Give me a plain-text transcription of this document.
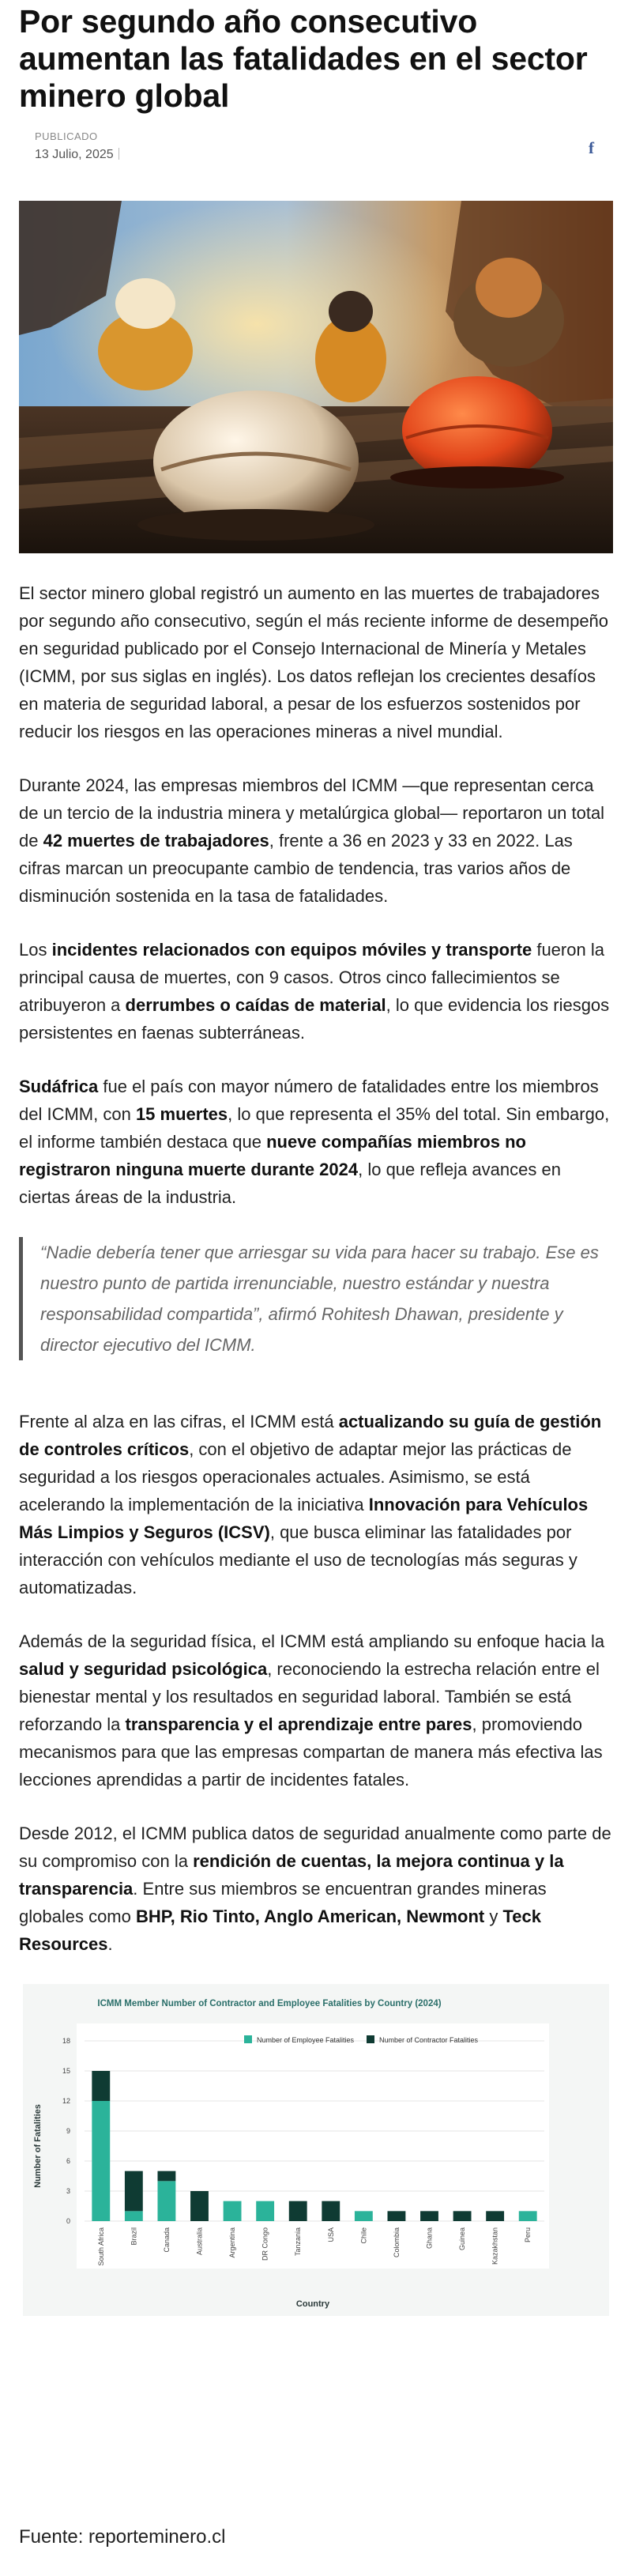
Por segundo año consecutivo aumentan las fatalidades en el sector minero global
PUBLICADO
13 Julio, 2025	f

El sector minero global registró un aumento en las muertes de trabajadores por segundo año consecutivo, según el más reciente informe de desempeño en seguridad publicado por el Consejo Internacional de Minería y Metales (ICMM, por sus siglas en inglés). Los datos reflejan los crecientes desafíos en materia de seguridad laboral, a pesar de los esfuerzos sostenidos por reducir los riesgos en las operaciones mineras a nivel mundial.

Durante 2024, las empresas miembros del ICMM —que representan cerca de un tercio de la industria minera y metalúrgica global— reportaron un total de 42 muertes de trabajadores, frente a 36 en 2023 y 33 en 2022. Las cifras marcan un preocupante cambio de tendencia, tras varios años de disminución sostenida en la tasa de fatalidades.

Los incidentes relacionados con equipos móviles y transporte fueron la principal causa de muertes, con 9 casos. Otros cinco fallecimientos se atribuyeron a derrumbes o caídas de material, lo que evidencia los riesgos persistentes en faenas subterráneas.

Sudáfrica fue el país con mayor número de fatalidades entre los miembros del ICMM, con 15 muertes, lo que representa el 35% del total. Sin embargo, el informe también destaca que nueve compañías miembros no registraron ninguna muerte durante 2024, lo que refleja avances en ciertas áreas de la industria.

“Nadie debería tener que arriesgar su vida para hacer su trabajo. Ese es nuestro punto de partida irrenunciable, nuestro estándar y nuestra responsabilidad compartida”, afirmó Rohitesh Dhawan, presidente y director ejecutivo del ICMM.

Frente al alza en las cifras, el ICMM está actualizando su guía de gestión de controles críticos, con el objetivo de adaptar mejor las prácticas de seguridad a los riesgos operacionales actuales. Asimismo, se está acelerando la implementación de la iniciativa Innovación para Vehículos Más Limpios y Seguros (ICSV), que busca eliminar las fatalidades por interacción con vehículos mediante el uso de tecnologías más seguras y automatizadas.

Además de la seguridad física, el ICMM está ampliando su enfoque hacia la salud y seguridad psicológica, reconociendo la estrecha relación entre el bienestar mental y los resultados en seguridad laboral. También se está reforzando la transparencia y el aprendizaje entre pares, promoviendo mecanismos para que las empresas compartan de manera más efectiva las lecciones aprendidas a partir de incidentes fatales.

Desde 2012, el ICMM publica datos de seguridad anualmente como parte de su compromiso con la rendición de cuentas, la mejora continua y la transparencia. Entre sus miembros se encuentran grandes mineras globales como BHP, Rio Tinto, Anglo American, Newmont y Teck Resources.

ICMM Member Number of Contractor and Employee Fatalities by Country (2024)
0
3
6
9
12
15
18
South Africa	Brazil	Canada	Australia	Argentina	DR Congo	Tanzania	USA	Chile	Colombia	Ghana	Guinea	Kazakhstan	Peru
Number of Employee Fatalities	Number of Contractor Fatalities
Number of Fatalities
Country
Fuente: reporteminero.cl
